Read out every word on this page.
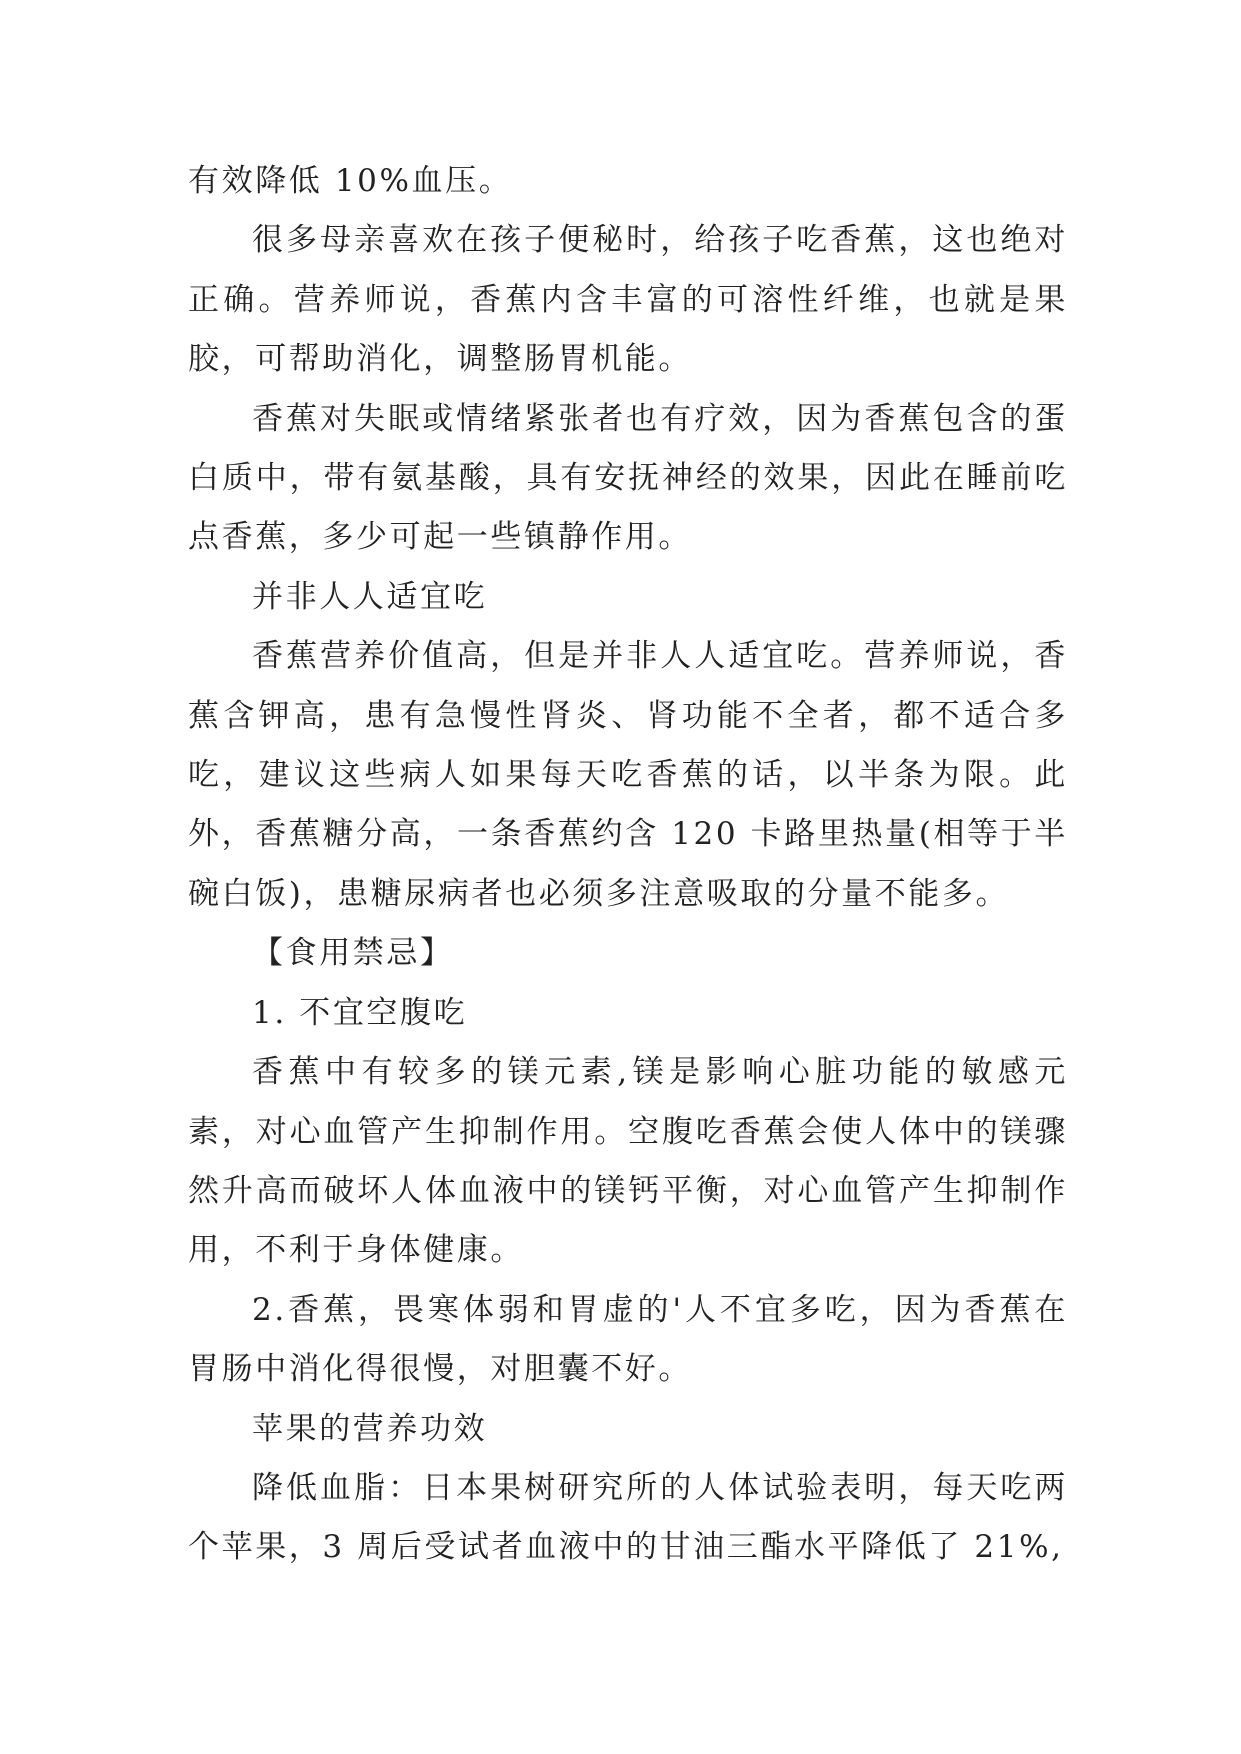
有效降低 10%血压。

很多母亲喜欢在孩子便秘时，给孩子吃香蕉，这也绝对正确。营养师说，香蕉内含丰富的可溶性纤维，也就是果胶，可帮助消化，调整肠胃机能。

香蕉对失眠或情绪紧张者也有疗效，因为香蕉包含的蛋白质中，带有氨基酸，具有安抚神经的效果，因此在睡前吃点香蕉，多少可起一些镇静作用。

并非人人适宜吃

香蕉营养价值高，但是并非人人适宜吃。营养师说，香蕉含钾高，患有急慢性肾炎、肾功能不全者，都不适合多吃，建议这些病人如果每天吃香蕉的话，以半条为限。此外，香蕉糖分高，一条香蕉约含 120 卡路里热量(相等于半碗白饭)，患糖尿病者也必须多注意吸取的分量不能多。

【食用禁忌】

1. 不宜空腹吃

香蕉中有较多的镁元素,镁是影响心脏功能的敏感元素，对心血管产生抑制作用。空腹吃香蕉会使人体中的镁骤然升高而破坏人体血液中的镁钙平衡，对心血管产生抑制作用，不利于身体健康。

2.香蕉，畏寒体弱和胃虚的'人不宜多吃，因为香蕉在胃肠中消化得很慢，对胆囊不好。

苹果的营养功效

降低血脂：日本果树研究所的人体试验表明，每天吃两个苹果，3 周后受试者血液中的甘油三酯水平降低了 21%,
